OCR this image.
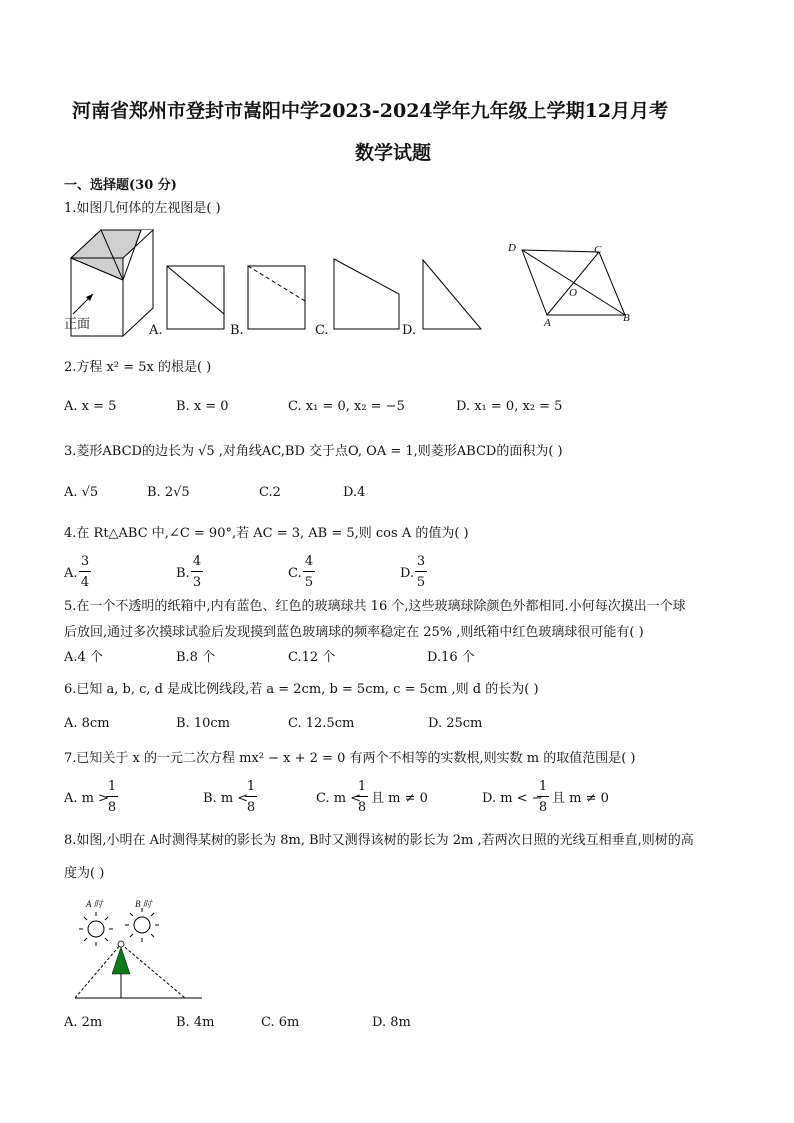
河南省郑州市登封市嵩阳中学2023-2024学年九年级上学期12月月考
数学试题
一、选择题(30 分)
1.如图几何体的左视图是( )
正面	A.	B.	C.	D.
D	C
O
A	B
2.方程 x² = 5x 的根是( )
A. x = 5	B. x = 0	C. x₁ = 0, x₂ = −5	D. x₁ = 0, x₂ = 5
3.菱形ABCD的边长为 √5 ,对角线AC,BD 交于点O, OA = 1,则菱形ABCD的面积为( )
A. √5	B. 2√5	C.2	D.4
4.在 Rt△ABC 中,∠C = 90°,若 AC = 3, AB = 5,则 cos A 的值为( )
A.
3
4
B.
4
3
C.
4
5
D.
3
5
5.在一个不透明的纸箱中,内有蓝色、红色的玻璃球共 16 个,这些玻璃球除颜色外都相同.小何每次摸出一个球
后放回,通过多次摸球试验后发现摸到蓝色玻璃球的频率稳定在 25% ,则纸箱中红色玻璃球很可能有( )
A.4 个	B.8 个	C.12 个	D.16 个
6.已知 a, b, c, d 是成比例线段,若 a = 2cm, b = 5cm, c = 5cm ,则 d 的长为( )
A. 8cm	B. 10cm	C. 12.5cm	D. 25cm
7.已知关于 x 的一元二次方程 mx² − x + 2 = 0 有两个不相等的实数根,则实数 m 的取值范围是( )
A. m >
1
8
B. m <
1
8
C. m <
1
8
且 m ≠ 0	D. m < −
1
8
且 m ≠ 0
8.如图,小明在 A时测得某树的影长为 8m, B时又测得该树的影长为 2m ,若两次日照的光线互相垂直,则树的高
度为( )
A 时	B 时
A. 2m	B. 4m	C. 6m	D. 8m
